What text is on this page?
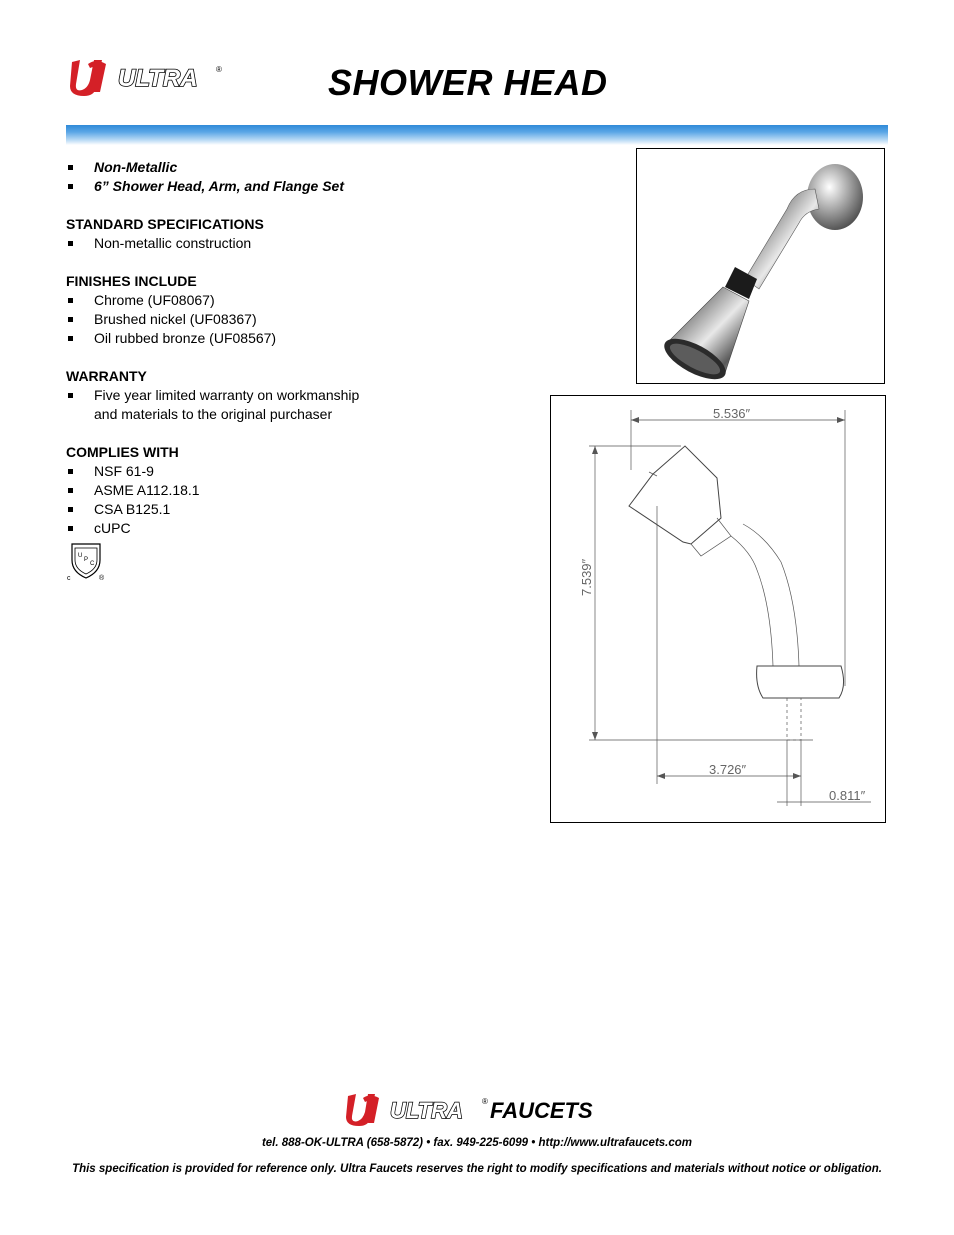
ULTRA ®	SHOWER HEAD
Non-Metallic
6” Shower Head, Arm, and Flange Set
STANDARD SPECIFICATIONS
Non-metallic construction
FINISHES INCLUDE
Chrome (UF08067)
Brushed nickel (UF08367)
Oil rubbed bronze (UF08567)
WARRANTY
Five year limited warranty on workmanship and materials to the original purchaser
COMPLIES WITH
NSF 61-9
ASME A112.18.1
CSA B125.1
cUPC
U
P
C
c	®
5.536″
7.539″
3.726″
0.811″
ULTRA ® FAUCETS
tel. 888-OK-ULTRA (658-5872) • fax. 949-225-6099 • http://www.ultrafaucets.com
This specification is provided for reference only. Ultra Faucets reserves the right to modify specifications and materials without notice or obligation.
